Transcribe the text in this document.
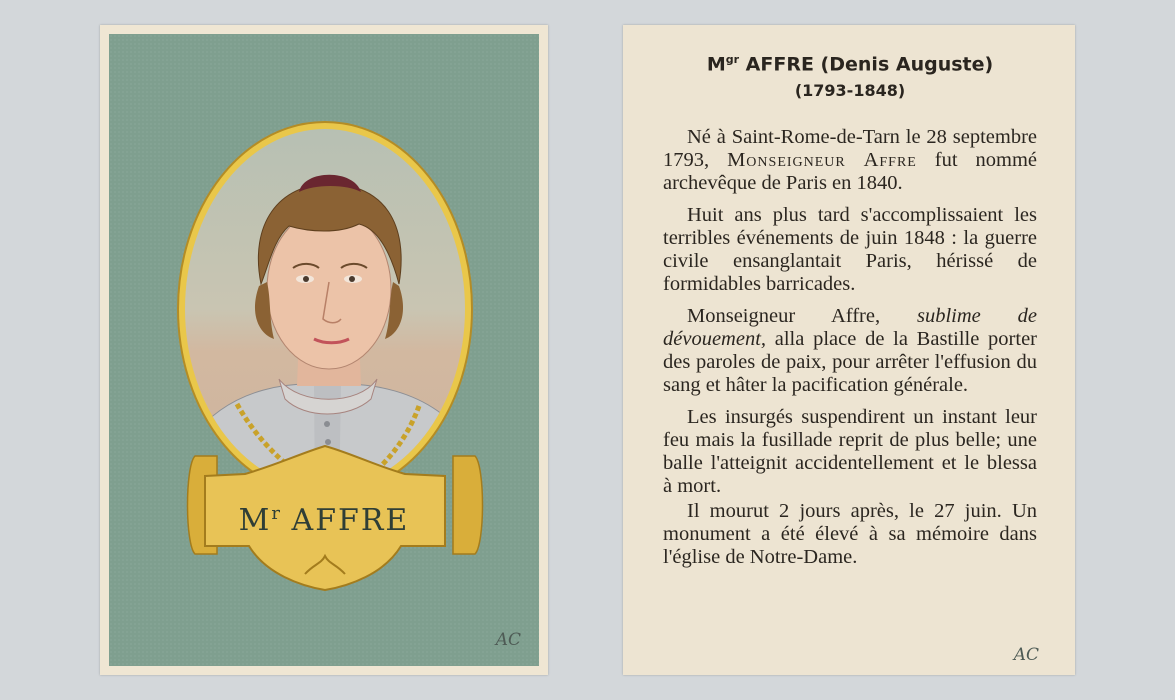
$M^r$ AFFRE
AC
$M^{gr}$ AFFRE (Denis Auguste)
(1793-1848)

Né à Saint-Rome-de-Tarn le 28 septembre 1793, Monseigneur Affre fut nommé archevêque de Paris en 1840.

Huit ans plus tard s'accomplissaient les terribles événements de juin 1848 : la guerre civile ensanglantait Paris, hérissé de formidables barricades.

Monseigneur Affre, sublime de dévouement, alla place de la Bastille porter des paroles de paix, pour arrêter l'effusion du sang et hâter la pacification générale.

Les insurgés suspendirent un instant leur feu mais la fusillade reprit de plus belle; une balle l'atteignit accidentellement et le blessa à mort.

Il mourut 2 jours après, le 27 juin. Un monument a été élevé à sa mémoire dans l'église de Notre-Dame.

AC
